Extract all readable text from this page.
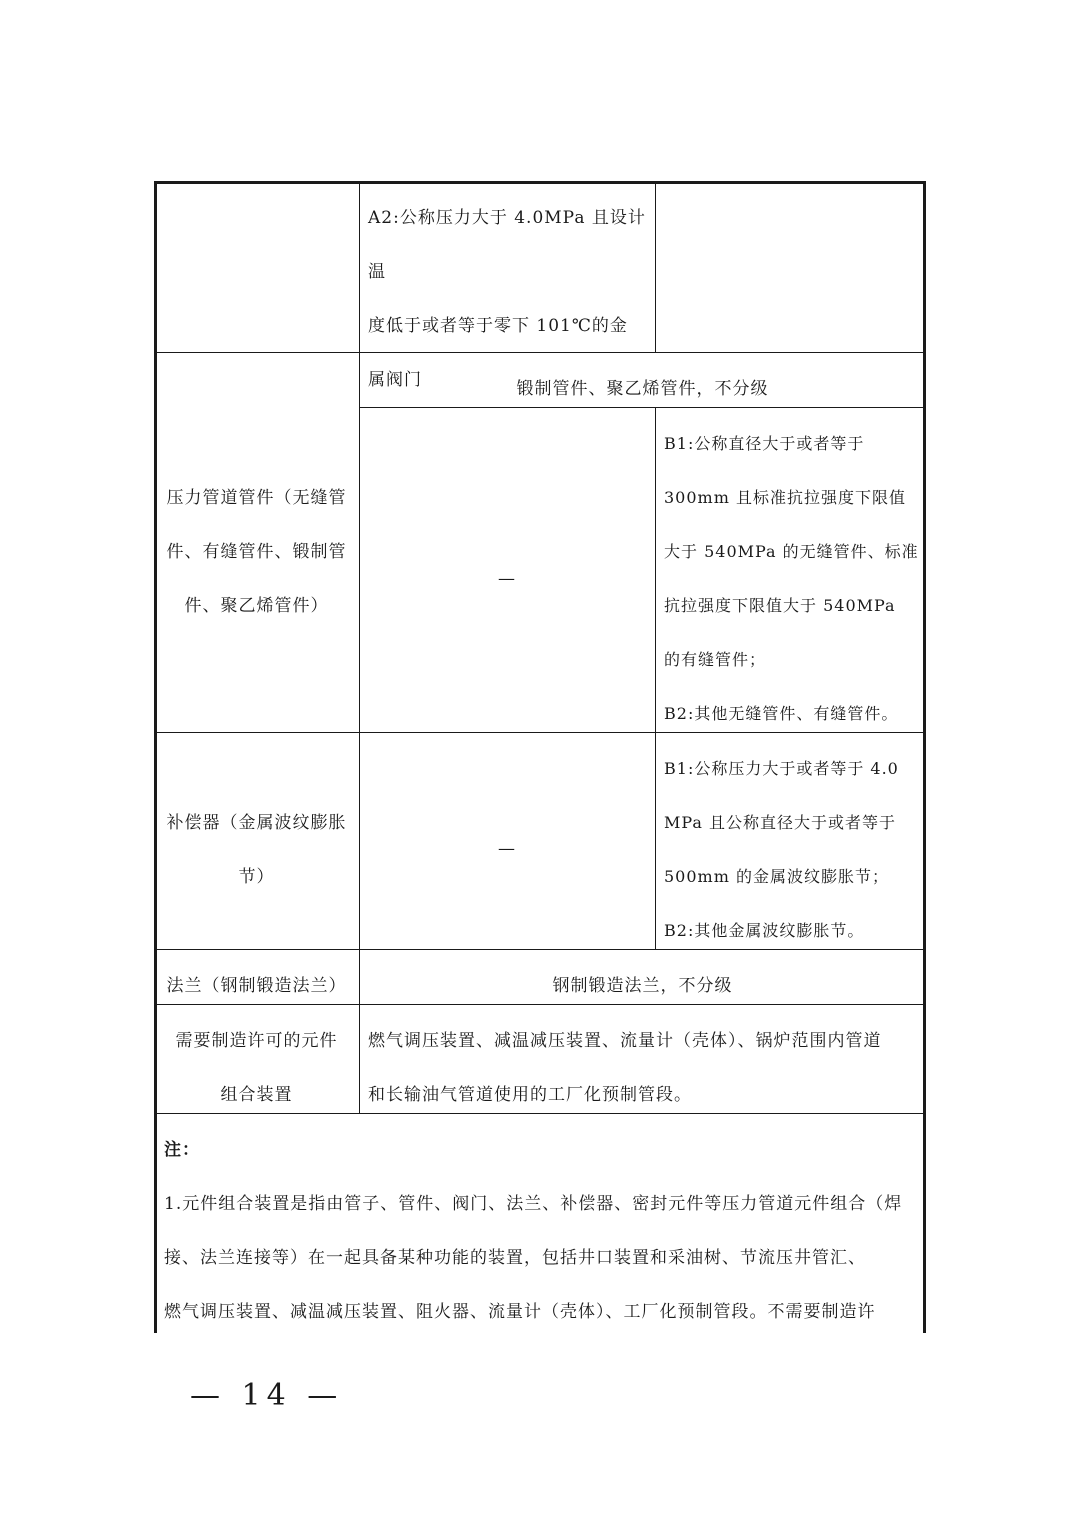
A2:公称压力大于 4.0MPa 且设计温

度低于或者等于零下 101℃的金

属阀门	锻制管件、聚乙烯管件，不分级

压力管道管件（无缝管

件、有缝管件、锻制管

件、聚乙烯管件）

—

B1:公称直径大于或者等于

300mm 且标准抗拉强度下限值

大于 540MPa 的无缝管件、标准

抗拉强度下限值大于 540MPa

的有缝管件；

B2:其他无缝管件、有缝管件。

补偿器（金属波纹膨胀

节）

—

B1:公称压力大于或者等于 4.0

MPa 且公称直径大于或者等于

500mm 的金属波纹膨胀节；

B2:其他金属波纹膨胀节。

法兰（钢制锻造法兰）	钢制锻造法兰，不分级

需要制造许可的元件

组合装置

燃气调压装置、减温减压装置、流量计（壳体）、锅炉范围内管道

和长输油气管道使用的工厂化预制管段。

注：

1.元件组合装置是指由管子、管件、阀门、法兰、补偿器、密封元件等压力管道元件组合（焊

接、法兰连接等）在一起具备某种功能的装置，包括井口装置和采油树、节流压井管汇、

燃气调压装置、减温减压装置、阻火器、流量计（壳体）、工厂化预制管段。不需要制造许

— 14 —
